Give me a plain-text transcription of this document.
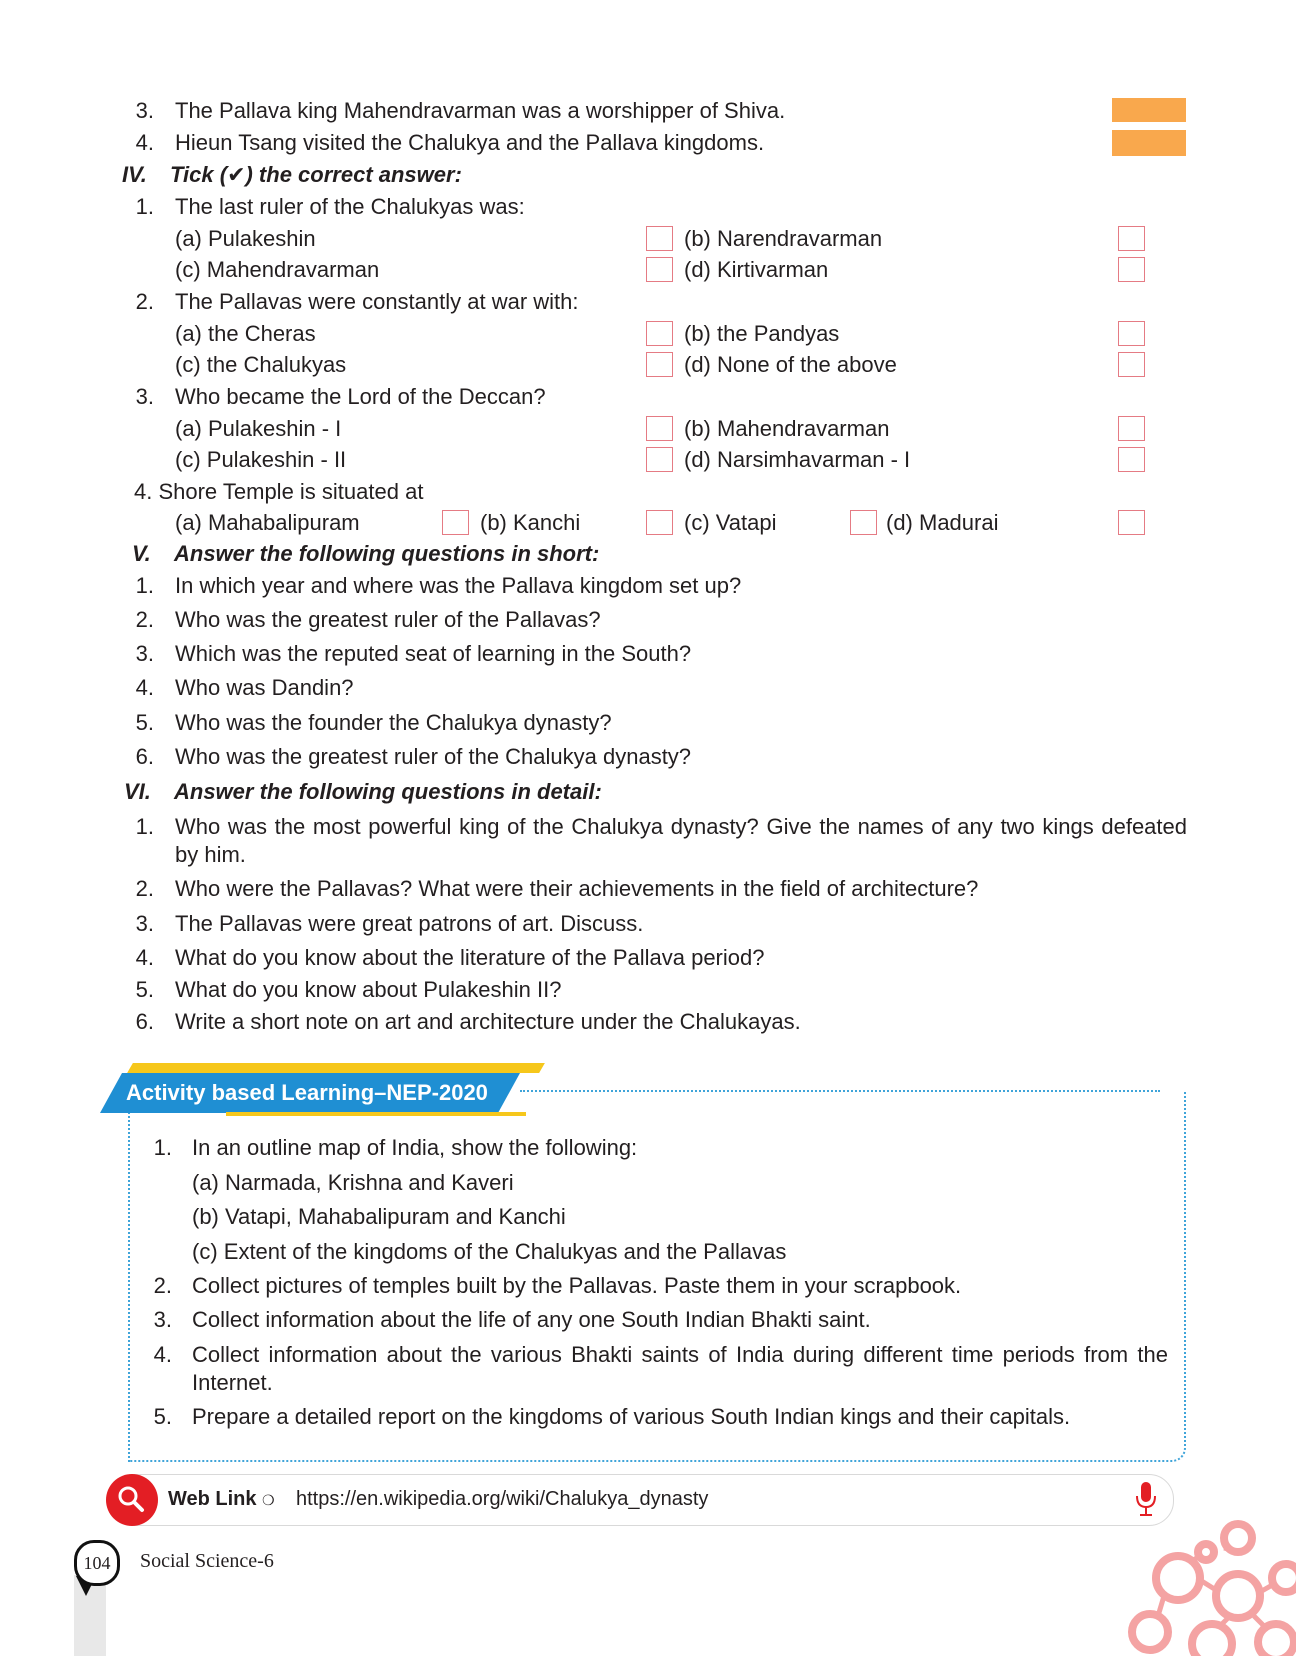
3. The Pallava king Mahendravarman was a worshipper of Shiva.
4. Hieun Tsang visited the Chalukya and the Pallava kingdoms.
IV. Tick (✔) the correct answer:
1. The last ruler of the Chalukyas was:
(a) Pulakeshin	(b) Narendravarman
(c) Mahendravarman	(d) Kirtivarman
2. The Pallavas were constantly at war with:
(a) the Cheras	(b) the Pandyas
(c) the Chalukyas	(d) None of the above
3. Who became the Lord of the Deccan?
(a) Pulakeshin - I	(b) Mahendravarman
(c) Pulakeshin - II	(d) Narsimhavarman - I
4. Shore Temple is situated at
(a) Mahabalipuram	(b) Kanchi	(c) Vatapi	(d) Madurai
V. Answer the following questions in short:
1. In which year and where was the Pallava kingdom set up?
2. Who was the greatest ruler of the Pallavas?
3. Which was the reputed seat of learning in the South?
4. Who was Dandin?
5. Who was the founder the Chalukya dynasty?
6. Who was the greatest ruler of the Chalukya dynasty?
VI. Answer the following questions in detail:
1. Who was the most powerful king of the Chalukya dynasty? Give the names of any two kings defeated by him.
2. Who were the Pallavas? What were their achievements in the field of architecture?
3. The Pallavas were great patrons of art. Discuss.
4. What do you know about the literature of the Pallava period?
5. What do you know about Pulakeshin II?
6. Write a short note on art and architecture under the Chalukayas.
Activity based Learning–NEP-2020
1. In an outline map of India, show the following:
(a) Narmada, Krishna and Kaveri
(b) Vatapi, Mahabalipuram and Kanchi
(c) Extent of the kingdoms of the Chalukyas and the Pallavas
2. Collect pictures of temples built by the Pallavas. Paste them in your scrapbook.
3. Collect information about the life of any one South Indian Bhakti saint.
4. Collect information about the various Bhakti saints of India during different time periods from the Internet.
5. Prepare a detailed report on the kingdoms of various South Indian kings and their capitals.
Web Link ❍ https://en.wikipedia.org/wiki/Chalukya_dynasty
104	Social Science-6
